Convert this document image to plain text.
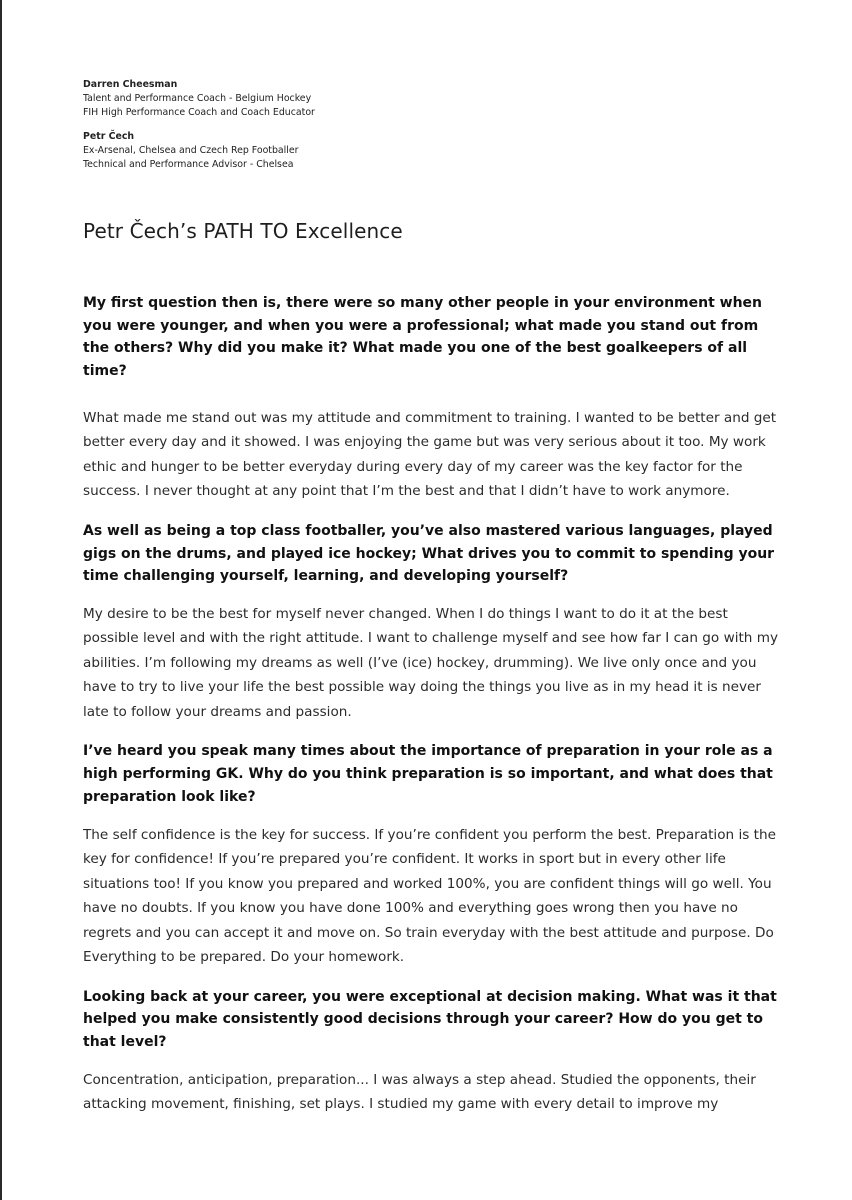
Darren Cheesman
Talent and Performance Coach - Belgium Hockey
FIH High Performance Coach and Coach Educator
Petr Čech
Ex-Arsenal, Chelsea and Czech Rep Footballer
Technical and Performance Advisor - Chelsea
Petr Čech’s PATH TO Excellence

My first question then is, there were so many other people in your environment when you were younger, and when you were a professional; what made you stand out from the others? Why did you make it? What made you one of the best goalkeepers of all time?

What made me stand out was my attitude and commitment to training. I wanted to be better and get better every day and it showed. I was enjoying the game but was very serious about it too. My work ethic and hunger to be better everyday during every day of my career was the key factor for the success. I never thought at any point that I’m the best and that I didn’t have to work anymore.

As well as being a top class footballer, you’ve also mastered various languages, played gigs on the drums, and played ice hockey; What drives you to commit to spending your time challenging yourself, learning, and developing yourself?

My desire to be the best for myself never changed. When I do things I want to do it at the best possible level and with the right attitude. I want to challenge myself and see how far I can go with my abilities. I’m following my dreams as well (I’ve (ice) hockey, drumming). We live only once and you have to try to live your life the best possible way doing the things you live as in my head it is never late to follow your dreams and passion.

I’ve heard you speak many times about the importance of preparation in your role as a high performing GK. Why do you think preparation is so important, and what does that preparation look like?

The self confidence is the key for success. If you’re confident you perform the best. Preparation is the key for confidence! If you’re prepared you’re confident. It works in sport but in every other life situations too! If you know you prepared and worked 100%, you are confident things will go well. You have no doubts. If you know you have done 100% and everything goes wrong then you have no regrets and you can accept it and move on. So train everyday with the best attitude and purpose. Do Everything to be prepared. Do your homework.

Looking back at your career, you were exceptional at decision making. What was it that helped you make consistently good decisions through your career? How do you get to that level?

Concentration, anticipation, preparation... I was always a step ahead. Studied the opponents, their attacking movement, finishing, set plays. I studied my game with every detail to improve my
